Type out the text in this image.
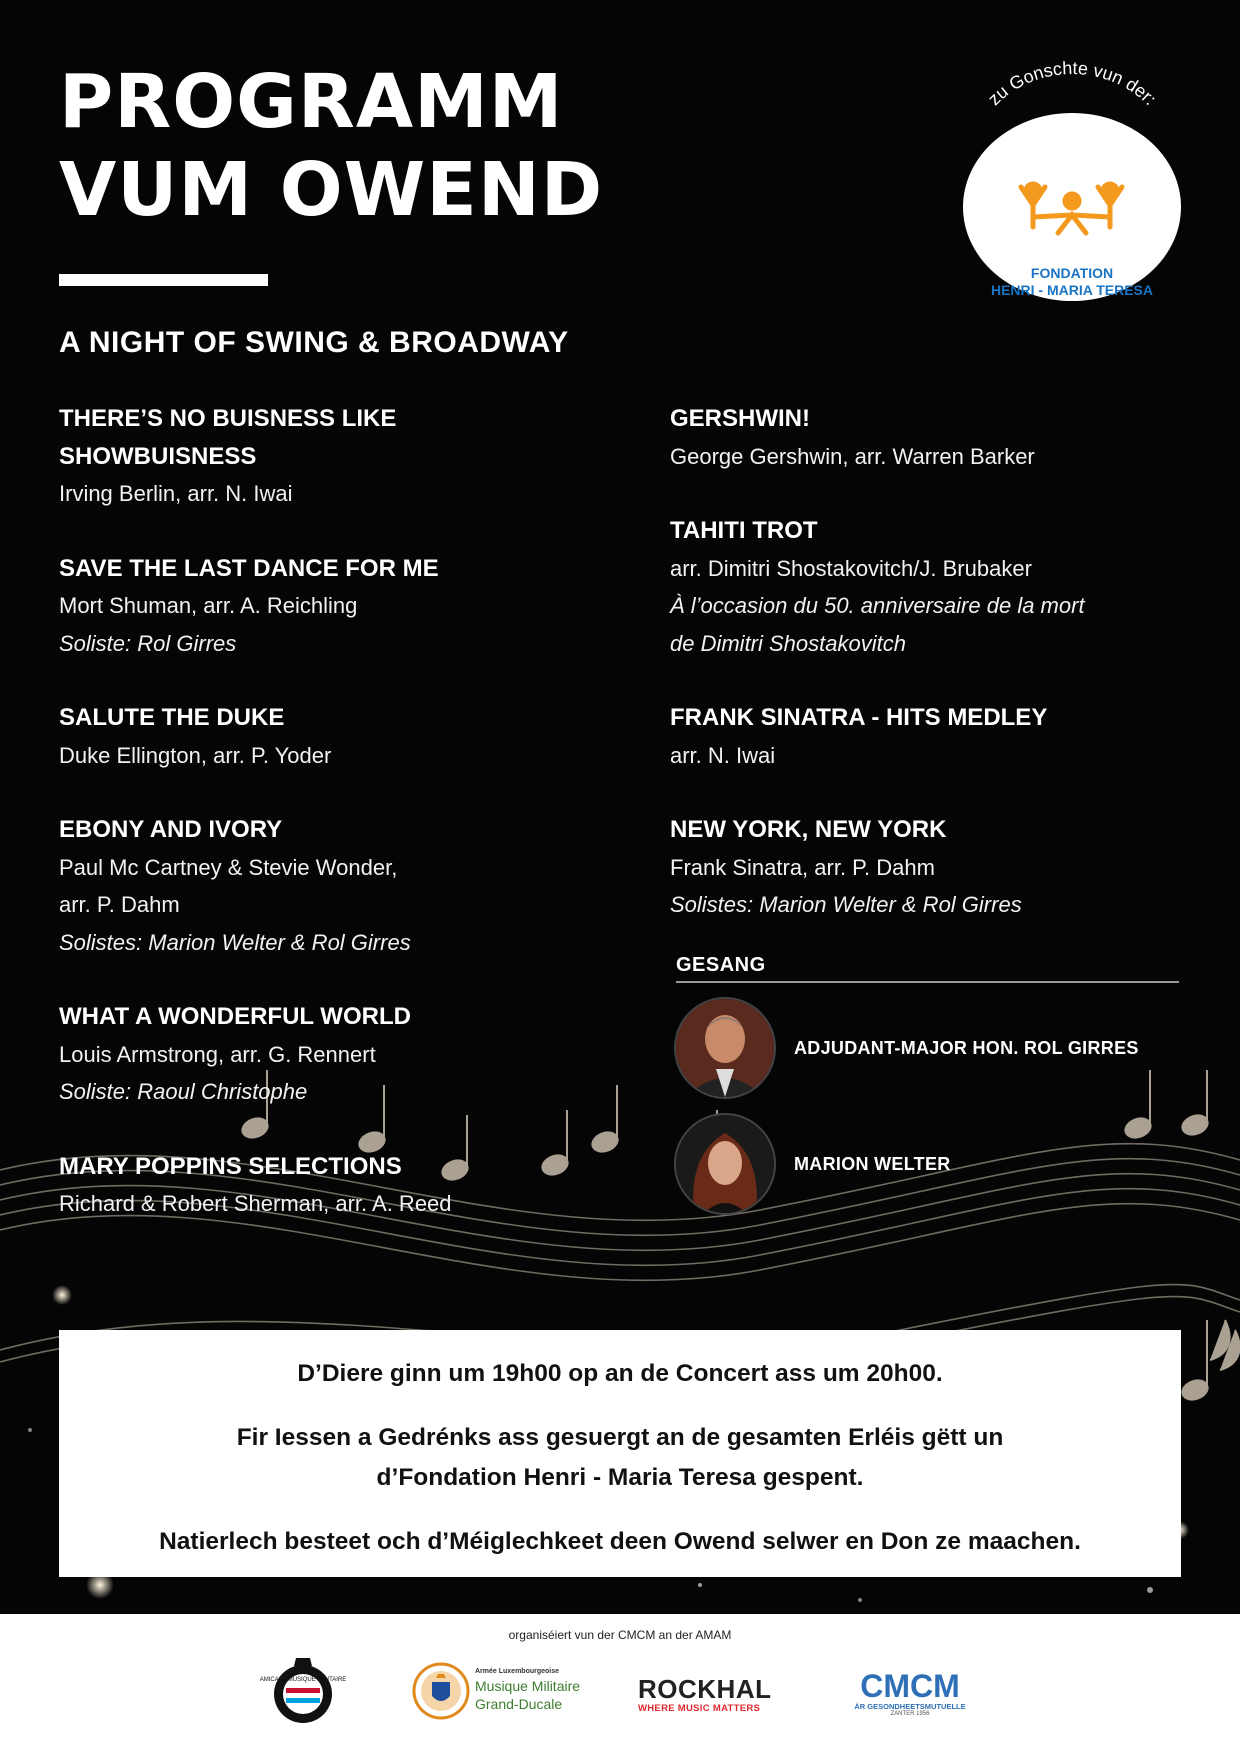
PROGRAMM
VUM OWEND
A NIGHT OF SWING & BROADWAY
zu Gonschte vun der:
FONDATION
HENRI - MARIA TERESA
THERE’S NO BUISNESS LIKE SHOWBUISNESS
Irving Berlin, arr. N. Iwai
SAVE THE LAST DANCE FOR ME
Mort Shuman, arr. A. Reichling
Soliste: Rol Girres
SALUTE THE DUKE
Duke Ellington, arr. P. Yoder
EBONY AND IVORY
Paul Mc Cartney & Stevie Wonder,
arr. P. Dahm
Solistes: Marion Welter & Rol Girres
WHAT A WONDERFUL WORLD
Louis Armstrong, arr. G. Rennert
Soliste: Raoul Christophe
MARY POPPINS SELECTIONS
Richard & Robert Sherman, arr. A. Reed
GERSHWIN!
George Gershwin, arr. Warren Barker
TAHITI TROT
arr. Dimitri Shostakovitch/J. Brubaker
À l’occasion du 50. anniversaire de la mort de Dimitri Shostakovitch
FRANK SINATRA - HITS MEDLEY
arr. N. Iwai
NEW YORK, NEW YORK
Frank Sinatra, arr. P. Dahm
Solistes: Marion Welter & Rol Girres
GESANG
ADJUDANT-MAJOR HON. ROL GIRRES
MARION WELTER

D’Diere ginn um 19h00 op an de Concert ass um 20h00.

Fir Iessen a Gedrénks ass gesuergt an de gesamten Erléis gëtt un

d’Fondation Henri - Maria Teresa gespent.

Natierlech besteet och d’Méiglechkeet deen Owend selwer en Don ze maachen.

organiséiert vun der CMCM an der AMAM
AMICALE MUSIQUE MILITAIRE
Armée Luxembourgeoise
Musique Militaire
Grand-Ducale	ROCKHAL
WHERE MUSIC MATTERS
CMCM
ÄR GESONDHEETSMUTUELLE
ZANTER 1956
